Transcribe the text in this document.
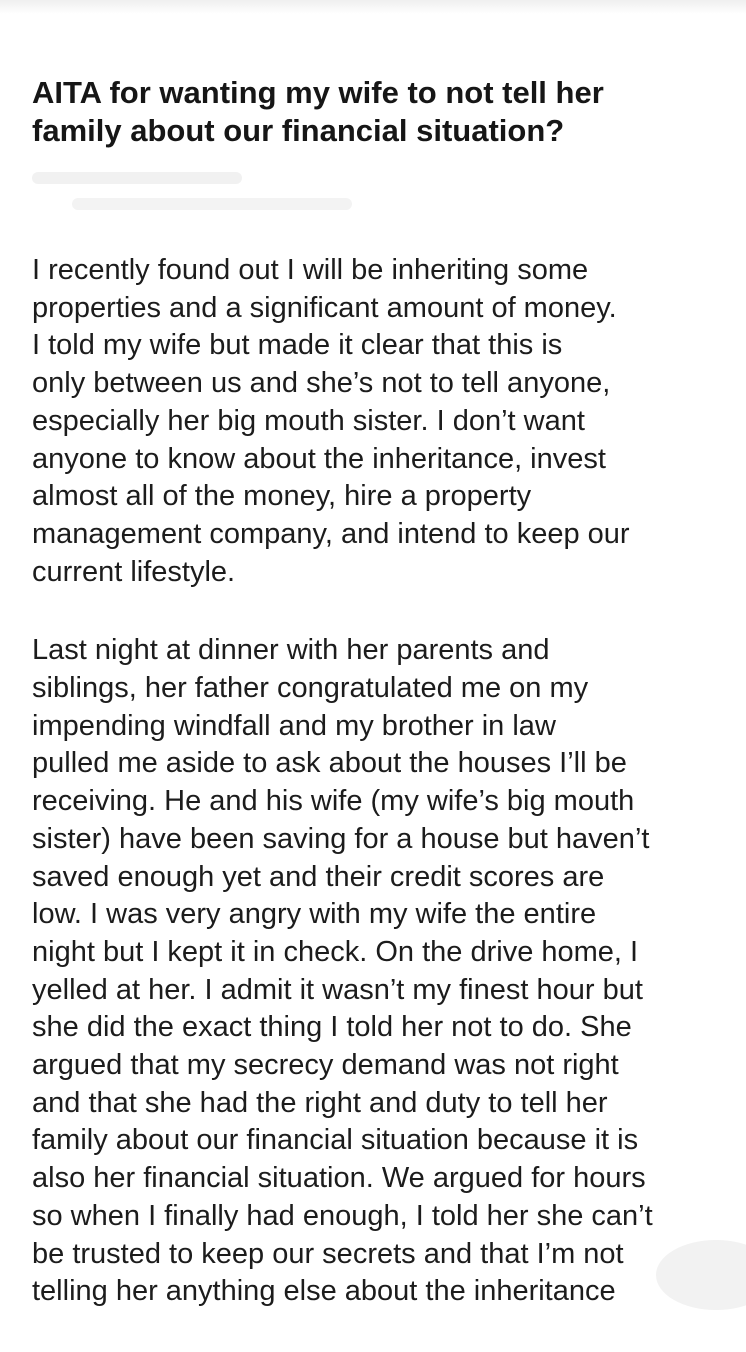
AITA for wanting my wife to not tell her
family about our financial situation?

I recently found out I will be inheriting some
properties and a significant amount of money.
I told my wife but made it clear that this is
only between us and she’s not to tell anyone,
especially her big mouth sister. I don’t want
anyone to know about the inheritance, invest
almost all of the money, hire a property
management company, and intend to keep our
current lifestyle.

Last night at dinner with her parents and
siblings, her father congratulated me on my
impending windfall and my brother in law
pulled me aside to ask about the houses I’ll be
receiving. He and his wife (my wife’s big mouth
sister) have been saving for a house but haven’t
saved enough yet and their credit scores are
low. I was very angry with my wife the entire
night but I kept it in check. On the drive home, I
yelled at her. I admit it wasn’t my finest hour but
she did the exact thing I told her not to do. She
argued that my secrecy demand was not right
and that she had the right and duty to tell her
family about our financial situation because it is
also her financial situation. We argued for hours
so when I finally had enough, I told her she can’t
be trusted to keep our secrets and that I’m not
telling her anything else about the inheritance
